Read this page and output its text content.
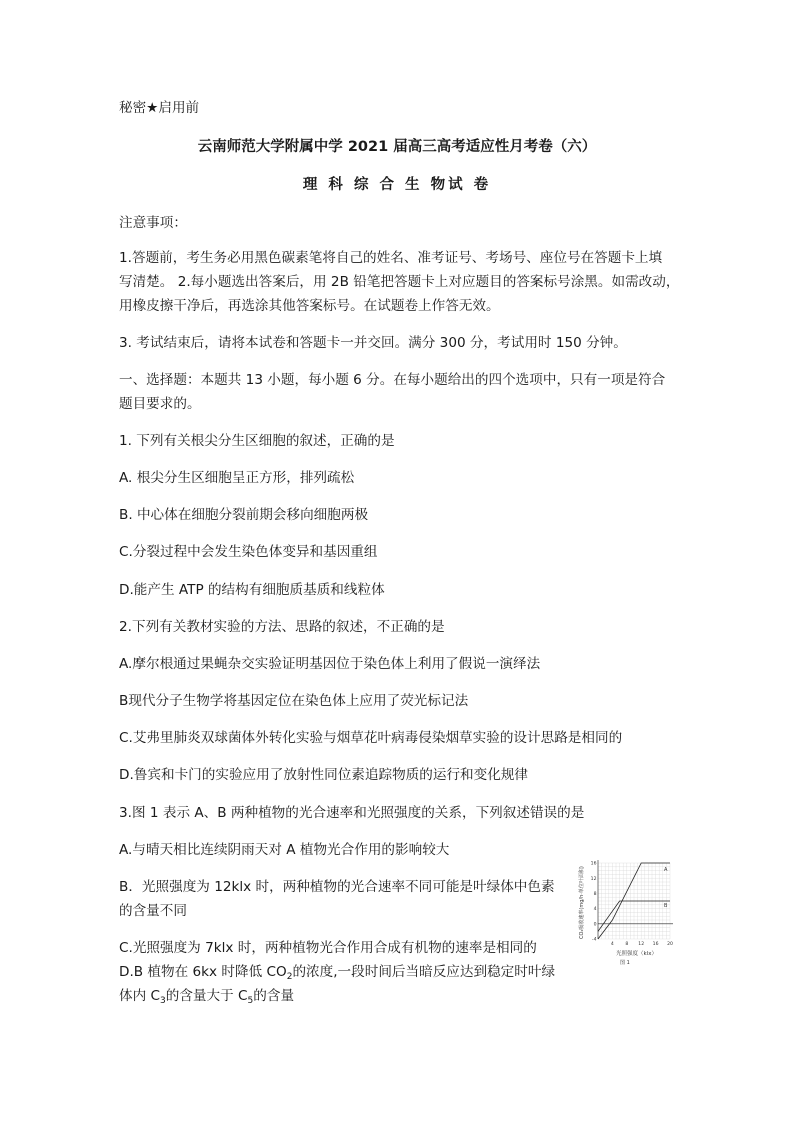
秘密★启用前
云南师范大学附属中学 2021 届高三高考适应性月考卷（六）
理 科 综 合 生 物试 卷
注意事项：
1.答题前，考生务必用黑色碳素笔将自己的姓名、准考证号、考场号、座位号在答题卡上填
写清楚。 2.每小题选出答案后，用 2B 铅笔把答题卡上对应题目的答案标号涂黑。如需改动，
用橡皮擦干净后，再选涂其他答案标号。在试题卷上作答无效。
3. 考试结束后，请将本试卷和答题卡一并交回。满分 300 分，考试用时 150 分钟。
一、选择题：本题共 13 小题，每小题 6 分。在每小题给出的四个选项中，只有一项是符合
题目要求的。
1. 下列有关根尖分生区细胞的叙述，正确的是
A. 根尖分生区细胞呈正方形，排列疏松
B. 中心体在细胞分裂前期会移向细胞两极
C.分裂过程中会发生染色体变异和基因重组
D.能产生 ATP 的结构有细胞质基质和线粒体
2.下列有关教材实验的方法、思路的叙述，不正确的是
A.摩尔根通过果蝇杂交实验证明基因位于染色体上利用了假说一演绎法
B现代分子生物学将基因定位在染色体上应用了荧光标记法
C.艾弗里肺炎双球菌体外转化实验与烟草花叶病毒侵染烟草实验的设计思路是相同的
D.鲁宾和卡门的实验应用了放射性同位素追踪物质的运行和变化规律
3.图 1 表示 A、B 两种植物的光合速率和光照强度的关系，下列叙述错误的是
A.与晴天相比连续阴雨天对 A 植物光合作用的影响较大
B．光照强度为 12klx 时，两种植物的光合速率不同可能是叶绿体中色素
的含量不同
C.光照强度为 7klx 时，两种植物光合作用合成有机物的速率是相同的
D.B 植物在 6kx 时降低 $CO_2$的浓度,一段时间后当暗反应达到稳定时叶绿
体内 $C_3$的含量大于 $C_5$的含量
16
12
8
4
0
-4
4 8 12 16 20
A
B
CO₂吸收速率(mg/h·单位叶面积)
光照强度（klx）
图 1
